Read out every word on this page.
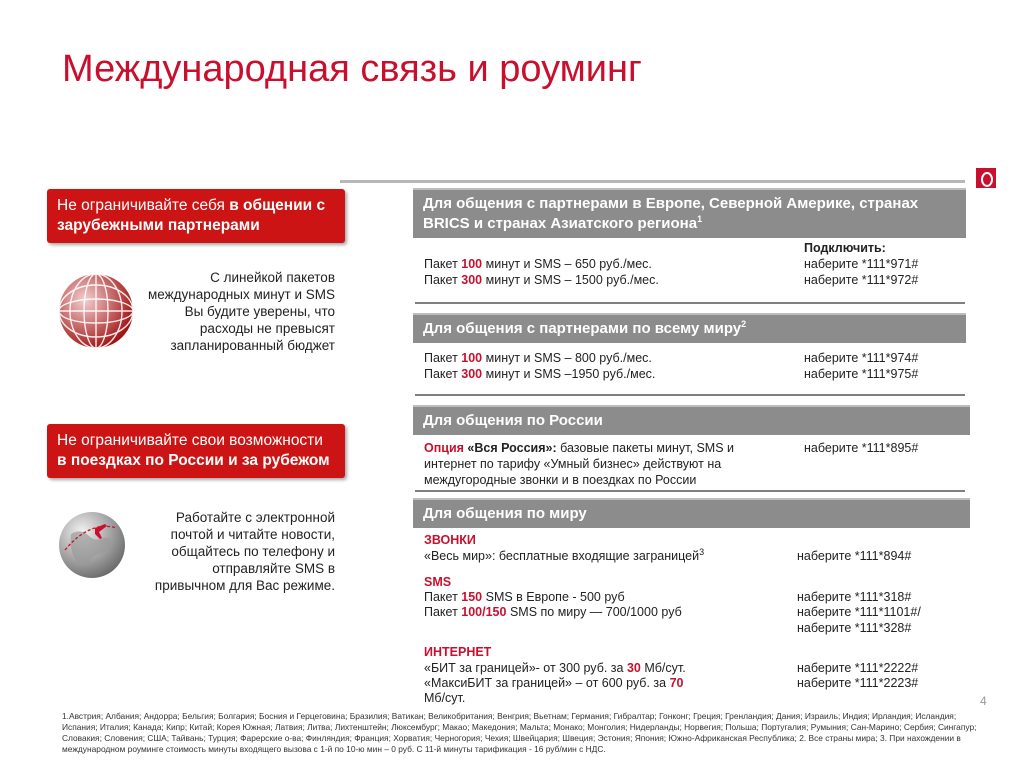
Международная связь и роуминг
Не ограничивайте себя в общении с зарубежными партнерами
С линейкой пакетов международных минут и SMS Вы будите уверены, что расходы не превысят запланированный бюджет
Не ограничивайте свои возможности в поездках по России и за рубежом
Работайте с электронной почтой и читайте новости, общайтесь по телефону и отправляйте SMS в привычном для Вас режиме.
Для общения с партнерами в Европе, Северной Америке, странах BRICS и странах Азиатского региона$^1$
Подключить:
Пакет 100 минут и SMS – 650 руб./мес.	наберите *111*971#
Пакет 300 минут и SMS – 1500 руб./мес.	наберите *111*972#
Для общения с партнерами по всему миру$^2$
Пакет 100 минут и SMS – 800 руб./мес.	наберите *111*974#
Пакет 300 минут и SMS –1950 руб./мес.	наберите *111*975#
Для общения по России
Опция «Вся Россия»: базовые пакеты минут, SMS и интернет по тарифу «Умный бизнес» действуют на междугородные звонки и в поездках по России
наберите *111*895#
Для общения по миру
ЗВОНКИ
«Весь мир»: бесплатные входящие заграницей$^3$	наберите *111*894#
SMS
Пакет 150 SMS в Европе - 500 руб	наберите *111*318#
Пакет 100/150 SMS по миру — 700/1000 руб	наберите *111*1101#/
наберите *111*328#
ИНТЕРНЕТ
«БИТ за границей»- от 300 руб. за 30 Мб/сут.	наберите *111*2222#
«МаксиБИТ за границей» – от 600 руб. за 70	наберите *111*2223#
Мб/сут.	4
1.Австрия; Албания; Андорра; Бельгия; Болгария; Босния и Герцеговина; Бразилия; Ватикан; Великобритания; Венгрия; Вьетнам; Германия; Гибралтар; Гонконг; Греция; Гренландия; Дания; Израиль; Индия; Ирландия; Исландия; Испания; Италия; Канада; Кипр; Китай; Корея Южная; Латвия; Литва; Лихтенштейн; Люксембург; Макао; Македония; Мальта; Монако; Монголия; Нидерланды; Норвегия; Польша; Португалия; Румыния; Сан-Марино; Сербия; Сингапур; Словакия; Словения; США; Тайвань; Турция; Фарерские о-ва; Финляндия; Франция; Хорватия; Черногория; Чехия; Швейцария; Швеция; Эстония; Япония; Южно-Африканская Республика; 2. Все страны мира; 3. При нахождении в международном роуминге стоимость минуты входящего вызова с 1-й по 10-ю мин – 0 руб. С 11-й минуты тарификация - 16 руб/мин с НДС.
